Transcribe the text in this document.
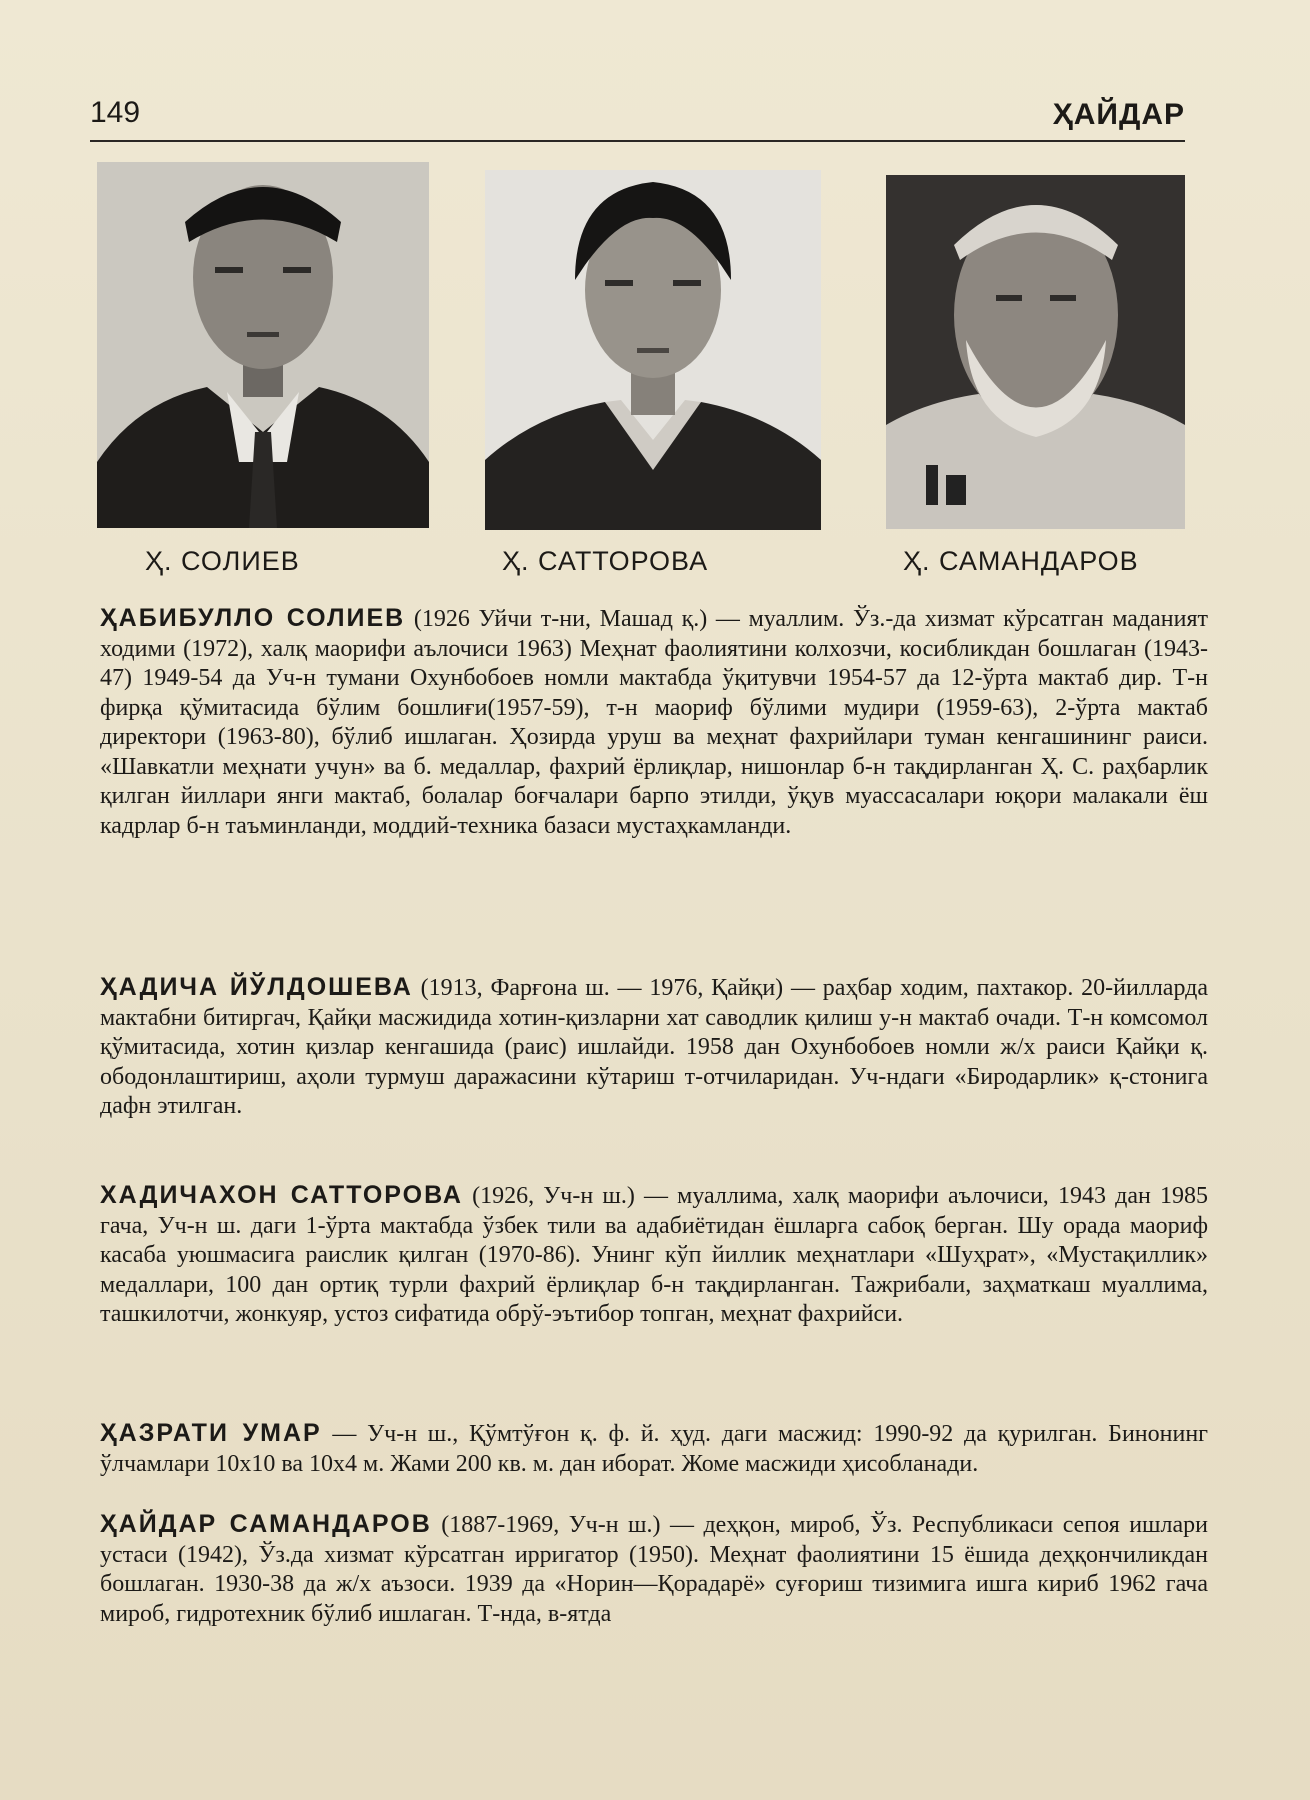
149	ҲАЙДАР
Ҳ. СОЛИЕВ	Ҳ. САТТОРОВА	Ҳ. САМАНДАРОВ
ҲАБИБУЛЛО СОЛИЕВ (1926 Уйчи т-ни, Машад қ.) — муаллим. Ўз.-да хизмат кўрсатган маданият ходими (1972), халқ маорифи аълочиси 1963) Меҳнат фаолиятини колхозчи, косибликдан бошлаган (1943-47) 1949-54 да Уч-н тумани Охунбобоев номли мактабда ўқитувчи 1954-57 да 12-ўрта мактаб дир. Т-н фирқа қўмитасида бўлим бошлиғи(1957-59), т-н маориф бўлими мудири (1959-63), 2-ўрта мактаб директори (1963-80), бўлиб ишлаган. Ҳозирда уруш ва меҳнат фахрийлари туман кенгашининг раиси. «Шавкатли меҳнати учун» ва б. медаллар, фахрий ёрлиқлар, нишонлар б-н тақдирланган Ҳ. С. раҳбарлик қилган йиллари янги мактаб, болалар боғчалари барпо этилди, ўқув муассасалари юқори малакали ёш кадрлар б-н таъминланди, моддий-техника базаси мустаҳкамланди.
ҲАДИЧА ЙЎЛДОШЕВА (1913, Фарғона ш. — 1976, Қайқи) — раҳбар ходим, пахтакор. 20-йилларда мактабни битиргач, Қайқи масжидида хотин-қизларни хат саводлик қилиш у-н мактаб очади. Т-н комсомол қўмитасида, хотин қизлар кенгашида (раис) ишлайди. 1958 дан Охунбобоев номли ж/х раиси Қайқи қ. ободонлаштириш, аҳоли турмуш даражасини кўтариш т-отчиларидан. Уч-ндаги «Биродарлик» қ-стонига дафн этилган.
ХАДИЧАХОН САТТОРОВА (1926, Уч-н ш.) — муаллима, халқ маорифи аълочиси, 1943 дан 1985 гача, Уч-н ш. даги 1-ўрта мактабда ўзбек тили ва адабиётидан ёшларга сабоқ берган. Шу орада маориф касаба уюшмасига раислик қилган (1970-86). Унинг кўп йиллик меҳнатлари «Шуҳрат», «Мустақиллик» медаллари, 100 дан ортиқ турли фахрий ёрлиқлар б-н тақдирланган. Тажрибали, заҳматкаш муаллима, ташкилотчи, жонкуяр, устоз сифатида обрў-эътибор топган, меҳнат фахрийси.
ҲАЗРАТИ УМАР — Уч-н ш., Қўмтўғон қ. ф. й. ҳуд. даги масжид: 1990-92 да қурилган. Бинонинг ўлчамлари 10х10 ва 10х4 м. Жами 200 кв. м. дан иборат. Жоме масжиди ҳисобланади.
ҲАЙДАР САМАНДАРОВ (1887-1969, Уч-н ш.) — деҳқон, мироб, Ўз. Республикаси сепоя ишлари устаси (1942), Ўз.да хизмат кўрсатган ирригатор (1950). Меҳнат фаолиятини 15 ёшида деҳқончиликдан бошлаган. 1930-38 да ж/х аъзоси. 1939 да «Норин—Қорадарё» суғориш тизимига ишга кириб 1962 гача мироб, гидротехник бўлиб ишлаган. Т-нда, в-ятда
